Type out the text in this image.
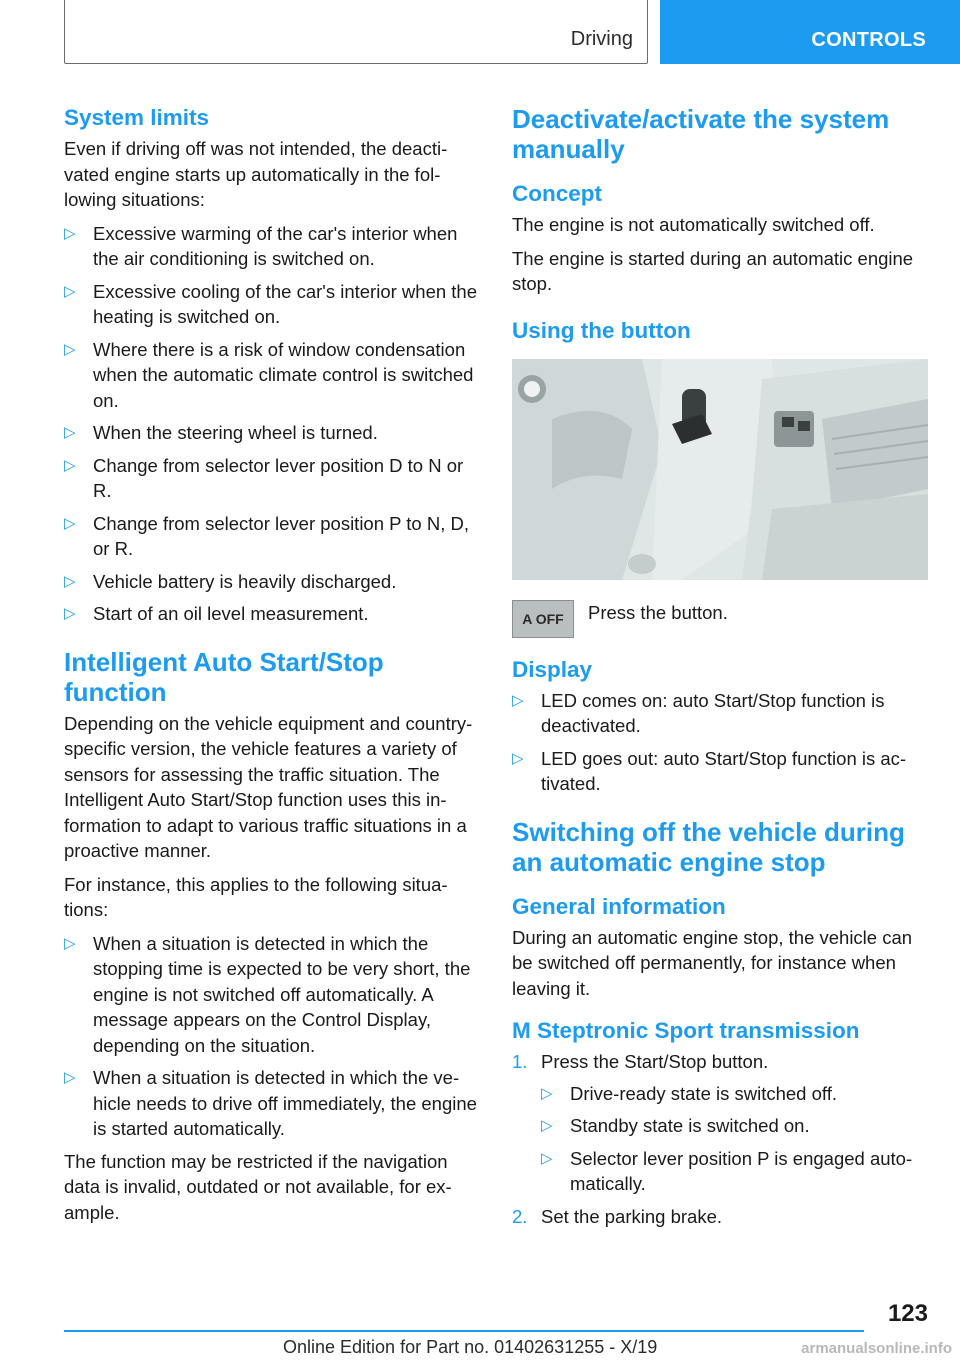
Driving	CONTROLS
System limits

Even if driving off was not intended, the deactivated engine starts up automatically in the following situations:

▷ Excessive warming of the car's interior when the air conditioning is switched on.
▷ Excessive cooling of the car's interior when the heating is switched on.
▷ Where there is a risk of window condensation when the automatic climate control is switched on.
▷ When the steering wheel is turned.
▷ Change from selector lever position D to N or R.
▷ Change from selector lever position P to N, D, or R.
▷ Vehicle battery is heavily discharged.
▷ Start of an oil level measurement.
Intelligent Auto Start/Stop function

Depending on the vehicle equipment and country-specific version, the vehicle features a variety of sensors for assessing the traffic situation. The Intelligent Auto Start/Stop function uses this information to adapt to various traffic situations in a proactive manner.

For instance, this applies to the following situations:

▷ When a situation is detected in which the stopping time is expected to be very short, the engine is not switched off automatically. A message appears on the Control Display, depending on the situation.
▷ When a situation is detected in which the vehicle needs to drive off immediately, the engine is started automatically.

The function may be restricted if the navigation data is invalid, outdated or not available, for example.

Deactivate/activate the system manually
Concept

The engine is not automatically switched off.

The engine is started during an automatic engine stop.

Using the button
A OFF Press the button.

Display
▷ LED comes on: auto Start/Stop function is deactivated.
▷ LED goes out: auto Start/Stop function is activated.
Switching off the vehicle during an automatic engine stop
General information

During an automatic engine stop, the vehicle can be switched off permanently, for instance when leaving it.

M Steptronic Sport transmission
1. Press the Start/Stop button.
▷ Drive-ready state is switched off.
▷ Standby state is switched on.
▷ Selector lever position P is engaged automatically.
2. Set the parking brake.
123
Online Edition for Part no. 01402631255 - X/19	armanualsonline.info
